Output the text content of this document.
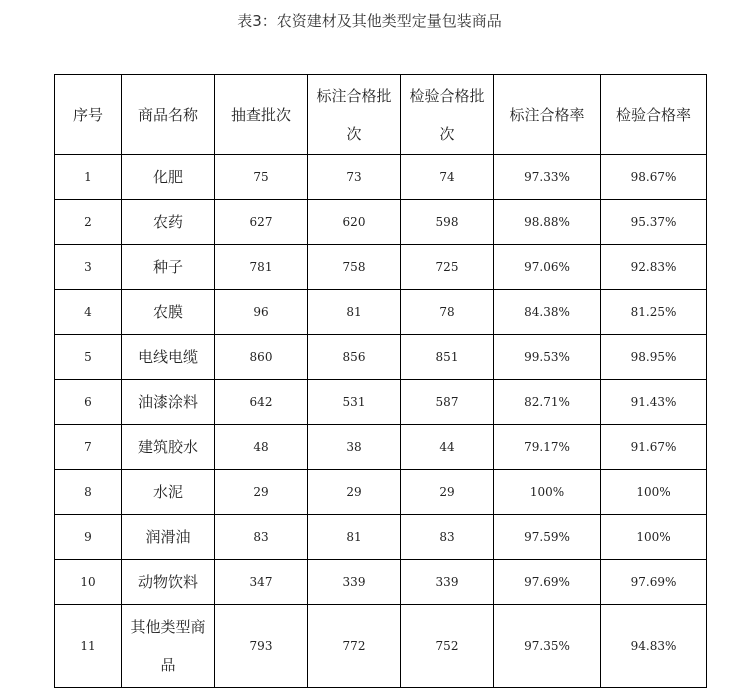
表3：农资建材及其他类型定量包装商品
序号	商品名称	抽查批次	标注合格批次	检验合格批次	标注合格率	检验合格率
1	化肥	75	73	74	97.33%	98.67%
2	农药	627	620	598	98.88%	95.37%
3	种子	781	758	725	97.06%	92.83%
4	农膜	96	81	78	84.38%	81.25%
5	电线电缆	860	856	851	99.53%	98.95%
6	油漆涂料	642	531	587	82.71%	91.43%
7	建筑胶水	48	38	44	79.17%	91.67%
8	水泥	29	29	29	100%	100%
9	润滑油	83	81	83	97.59%	100%
10	动物饮料	347	339	339	97.69%	97.69%
11	其他类型商品	793	772	752	97.35%	94.83%
